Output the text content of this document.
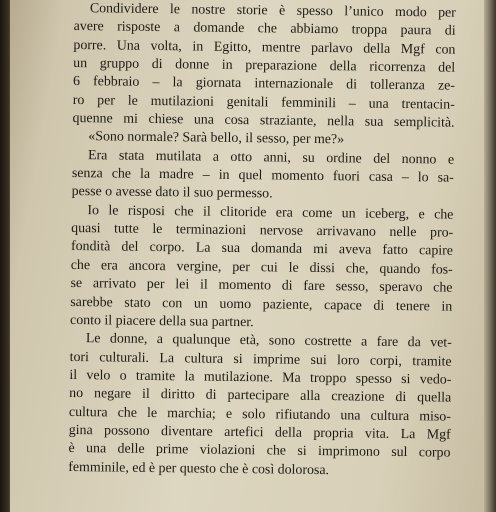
Condividere le nostre storie è spesso l’unico modo per
avere risposte a domande che abbiamo troppa paura di
porre. Una volta, in Egitto, mentre parlavo della Mgf con
un gruppo di donne in preparazione della ricorrenza del
6 febbraio – la giornata internazionale di tolleranza ze-
ro per le mutilazioni genitali femminili – una trentacin-
quenne mi chiese una cosa straziante, nella sua semplicità.
«Sono normale? Sarà bello, il sesso, per me?»
Era stata mutilata a otto anni, su ordine del nonno e
senza che la madre – in quel momento fuori casa – lo sa-
pesse o avesse dato il suo permesso.
Io le risposi che il clitoride era come un iceberg, e che
quasi tutte le terminazioni nervose arrivavano nelle pro-
fondità del corpo. La sua domanda mi aveva fatto capire
che era ancora vergine, per cui le dissi che, quando fos-
se arrivato per lei il momento di fare sesso, speravo che
sarebbe stato con un uomo paziente, capace di tenere in
conto il piacere della sua partner.
Le donne, a qualunque età, sono costrette a fare da vet-
tori culturali. La cultura si imprime sui loro corpi, tramite
il velo o tramite la mutilazione. Ma troppo spesso si vedo-
no negare il diritto di partecipare alla creazione di quella
cultura che le marchia; e solo rifiutando una cultura miso-
gina possono diventare artefici della propria vita. La Mgf
è una delle prime violazioni che si imprimono sul corpo
femminile, ed è per questo che è così dolorosa.
